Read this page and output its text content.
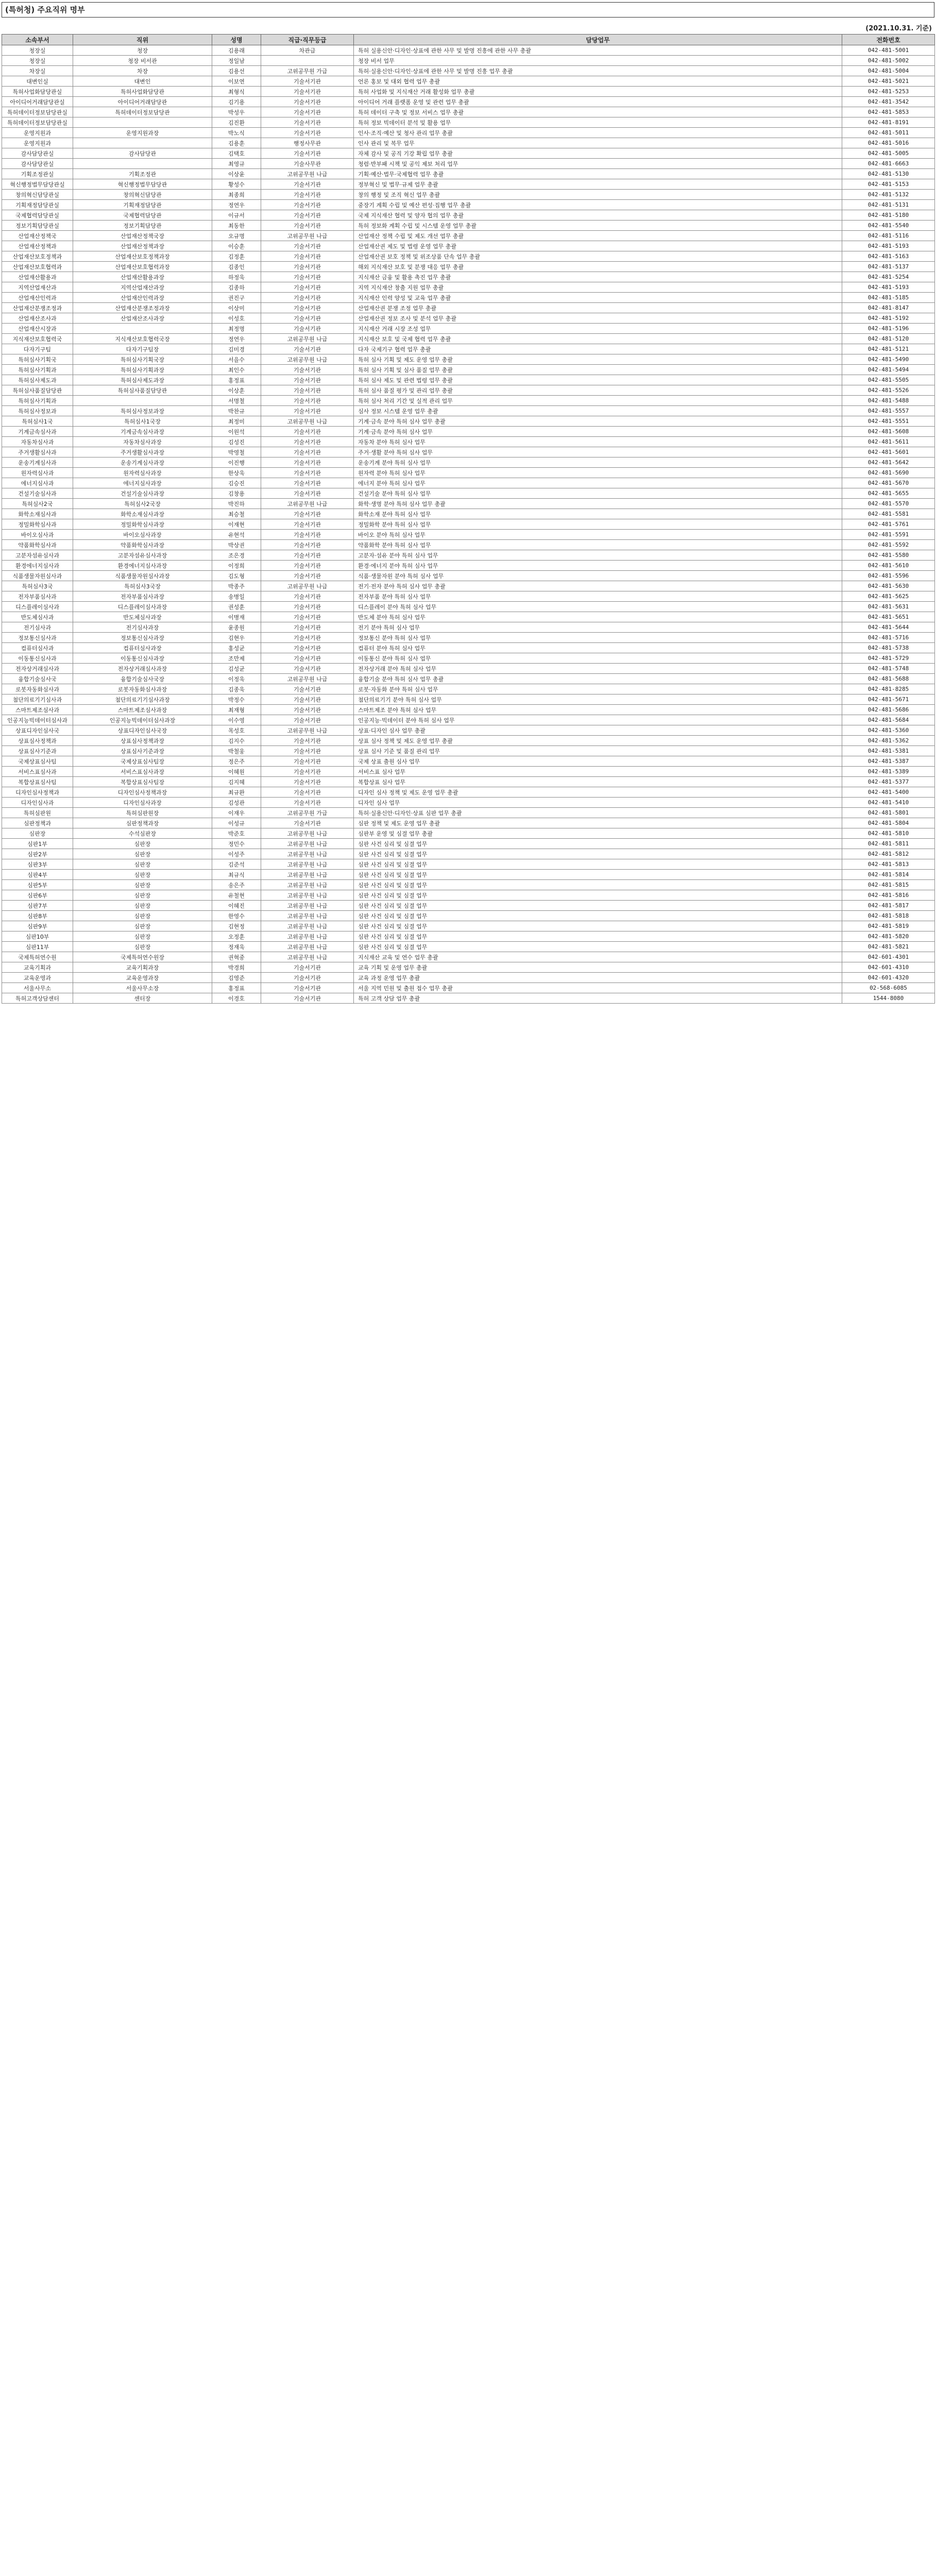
(특허청) 주요직위 명부
(2021.10.31. 기준)
소속부서	직위	성명	직급·직무등급	담당업무	전화번호
청장실	청장	김용래	차관급	특허 실용신안·디자인·상표에 관한 사무 및 발명 진흥에 관한 사무 총괄	042-481-5001
청장실	청장 비서관	정일남		청장 비서 업무	042-481-5002
차장실	차장	김용선	고위공무원 가급	특허·실용신안·디자인·상표에 관한 사무 및 발명 진흥 업무 총괄	042-481-5004
대변인실	대변인	이보연	기술서기관	언론 홍보 및 대외 협력 업무 총괄	042-481-5021
특허사업화담당관실	특허사업화담당관	최형식	기술서기관	특허 사업화 및 지식재산 거래 활성화 업무 총괄	042-481-5253
아이디어거래담당관실	아이디어거래담당관	김기용	기술서기관	아이디어 거래 플랫폼 운영 및 관련 업무 총괄	042-481-3542
특허데이터정보담당관실	특허데이터정보담당관	박성우	기술서기관	특허 데이터 구축 및 정보 서비스 업무 총괄	042-481-5853
특허데이터정보담당관실		김진환	기술서기관	특허 정보 빅데이터 분석 및 활용 업무	042-481-8191
운영지원과	운영지원과장	박노식	기술서기관	인사·조직·예산 및 청사 관리 업무 총괄	042-481-5011
운영지원과		김용훈	행정사무관	인사 관리 및 복무 업무	042-481-5016
감사담당관실	감사담당관	김택호	기술서기관	자체 감사 및 공직 기강 확립 업무 총괄	042-481-5005
감사담당관실		최영규	기술사무관	청렴·반부패 시책 및 공익 제보 처리 업무	042-481-6663
기획조정관실	기획조정관	이상윤	고위공무원 나급	기획·예산·법무·국제협력 업무 총괄	042-481-5130
혁신행정법무담당관실	혁신행정법무담당관	황성수	기술서기관	정부혁신 및 법무·규제 업무 총괄	042-481-5153
창의혁신담당관실	창의혁신담당관	최종희	기술서기관	창의 행정 및 조직 혁신 업무 총괄	042-481-5132
기획재정담당관실	기획재정담당관	정연우	기술서기관	중장기 계획 수립 및 예산 편성·집행 업무 총괄	042-481-5131
국제협력담당관실	국제협력담당관	이규서	기술서기관	국제 지식재산 협력 및 양자 협의 업무 총괄	042-481-5180
정보기획담당관실	정보기획담당관	최동한	기술서기관	특허 정보화 계획 수립 및 시스템 운영 업무 총괄	042-481-5540
산업재산정책국	산업재산정책국장	오규명	고위공무원 나급	산업재산 정책 수립 및 제도 개선 업무 총괄	042-481-5116
산업재산정책과	산업재산정책과장	이승훈	기술서기관	산업재산권 제도 및 법령 운영 업무 총괄	042-481-5193
산업재산보호정책과	산업재산보호정책과장	김정훈	기술서기관	산업재산권 보호 정책 및 위조상품 단속 업무 총괄	042-481-5163
산업재산보호협력과	산업재산보호협력과장	김종인	기술서기관	해외 지식재산 보호 및 분쟁 대응 업무 총괄	042-481-5137
산업재산활용과	산업재산활용과장	하정욱	기술서기관	지식재산 금융 및 활용 촉진 업무 총괄	042-481-5254
지역산업재산과	지역산업재산과장	김종하	기술서기관	지역 지식재산 창출 지원 업무 총괄	042-481-5193
산업재산인력과	산업재산인력과장	권진구	기술서기관	지식재산 인력 양성 및 교육 업무 총괄	042-481-5185
산업재산분쟁조정과	산업재산분쟁조정과장	이상미	기술서기관	산업재산권 분쟁 조정 업무 총괄	042-481-8147
산업재산조사과	산업재산조사과장	이성호	기술서기관	산업재산권 정보 조사 및 분석 업무 총괄	042-481-5192
산업재산시장과		최정명	기술서기관	지식재산 거래 시장 조성 업무	042-481-5196
지식재산보호협력국	지식재산보호협력국장	정연우	고위공무원 나급	지식재산 보호 및 국제 협력 업무 총괄	042-481-5120
다자기구팀	다자기구팀장	김미경	기술서기관	다자 국제기구 협력 업무 총괄	042-481-5121
특허심사기획국	특허심사기획국장	서을수	고위공무원 나급	특허 심사 기획 및 제도 운영 업무 총괄	042-481-5490
특허심사기획과	특허심사기획과장	최인수	기술서기관	특허 심사 기획 및 심사 품질 업무 총괄	042-481-5494
특허심사제도과	특허심사제도과장	홍정표	기술서기관	특허 심사 제도 및 관련 법령 업무 총괄	042-481-5505
특허심사품질담당관	특허심사품질담당관	이상훈	기술서기관	특허 심사 품질 평가 및 관리 업무 총괄	042-481-5526
특허심사기획과		서명철	기술서기관	특허 심사 처리 기간 및 실적 관리 업무	042-481-5488
특허심사정보과	특허심사정보과장	박찬규	기술서기관	심사 정보 시스템 운영 업무 총괄	042-481-5557
특허심사1국	특허심사1국장	최정미	고위공무원 나급	기계·금속 분야 특허 심사 업무 총괄	042-481-5551
기계금속심사과	기계금속심사과장	이원석	기술서기관	기계·금속 분야 특허 심사 업무	042-481-5608
자동차심사과	자동차심사과장	김성진	기술서기관	자동차 분야 특허 심사 업무	042-481-5611
주거생활심사과	주거생활심사과장	박영철	기술서기관	주거·생활 분야 특허 심사 업무	042-481-5601
운송기계심사과	운송기계심사과장	이진행	기술서기관	운송기계 분야 특허 심사 업무	042-481-5642
원자력심사과	원자력심사과장	한상욱	기술서기관	원자력 분야 특허 심사 업무	042-481-5690
에너지심사과	에너지심사과장	김승진	기술서기관	에너지 분야 특허 심사 업무	042-481-5670
건설기술심사과	건설기술심사과장	김창용	기술서기관	건설기술 분야 특허 심사 업무	042-481-5655
특허심사2국	특허심사2국장	박진하	고위공무원 나급	화학·생명 분야 특허 심사 업무 총괄	042-481-5570
화학소재심사과	화학소재심사과장	최승철	기술서기관	화학소재 분야 특허 심사 업무	042-481-5581
정밀화학심사과	정밀화학심사과장	이재현	기술서기관	정밀화학 분야 특허 심사 업무	042-481-5761
바이오심사과	바이오심사과장	유현석	기술서기관	바이오 분야 특허 심사 업무	042-481-5591
약품화학심사과	약품화학심사과장	박상권	기술서기관	약품화학 분야 특허 심사 업무	042-481-5592
고분자섬유심사과	고분자섬유심사과장	조은경	기술서기관	고분자·섬유 분야 특허 심사 업무	042-481-5580
환경에너지심사과	환경에너지심사과장	이정희	기술서기관	환경·에너지 분야 특허 심사 업무	042-481-5610
식품생물자원심사과	식품생물자원심사과장	김도형	기술서기관	식품·생물자원 분야 특허 심사 업무	042-481-5596
특허심사3국	특허심사3국장	박종주	고위공무원 나급	전기·전자 분야 특허 심사 업무 총괄	042-481-5630
전자부품심사과	전자부품심사과장	송병일	기술서기관	전자부품 분야 특허 심사 업무	042-481-5625
디스플레이심사과	디스플레이심사과장	권성훈	기술서기관	디스플레이 분야 특허 심사 업무	042-481-5631
반도체심사과	반도체심사과장	이병재	기술서기관	반도체 분야 특허 심사 업무	042-481-5651
전기심사과	전기심사과장	윤종원	기술서기관	전기 분야 특허 심사 업무	042-481-5644
정보통신심사과	정보통신심사과장	김현우	기술서기관	정보통신 분야 특허 심사 업무	042-481-5716
컴퓨터심사과	컴퓨터심사과장	홍성균	기술서기관	컴퓨터 분야 특허 심사 업무	042-481-5738
이동통신심사과	이동통신심사과장	조만제	기술서기관	이동통신 분야 특허 심사 업무	042-481-5729
전자상거래심사과	전자상거래심사과장	김성균	기술서기관	전자상거래 분야 특허 심사 업무	042-481-5748
융합기술심사국	융합기술심사국장	이정욱	고위공무원 나급	융합기술 분야 특허 심사 업무 총괄	042-481-5688
로봇자동화심사과	로봇자동화심사과장	김종욱	기술서기관	로봇·자동화 분야 특허 심사 업무	042-481-8285
첨단의료기기심사과	첨단의료기기심사과장	박정수	기술서기관	첨단의료기기 분야 특허 심사 업무	042-481-5671
스마트제조심사과	스마트제조심사과장	최재형	기술서기관	스마트제조 분야 특허 심사 업무	042-481-5686
인공지능빅데이터심사과	인공지능빅데이터심사과장	이수영	기술서기관	인공지능·빅데이터 분야 특허 심사 업무	042-481-5684
상표디자인심사국	상표디자인심사국장	목성호	고위공무원 나급	상표·디자인 심사 업무 총괄	042-481-5360
상표심사정책과	상표심사정책과장	김지수	기술서기관	상표 심사 정책 및 제도 운영 업무 총괄	042-481-5362
상표심사기준과	상표심사기준과장	박철웅	기술서기관	상표 심사 기준 및 품질 관리 업무	042-481-5381
국제상표심사팀	국제상표심사팀장	정은주	기술서기관	국제 상표 출원 심사 업무	042-481-5387
서비스표심사과	서비스표심사과장	이혜원	기술서기관	서비스표 심사 업무	042-481-5389
복합상표심사팀	복합상표심사팀장	김지혜	기술서기관	복합상표 심사 업무	042-481-5377
디자인심사정책과	디자인심사정책과장	최규완	기술서기관	디자인 심사 정책 및 제도 운영 업무 총괄	042-481-5400
디자인심사과	디자인심사과장	김성관	기술서기관	디자인 심사 업무	042-481-5410
특허심판원	특허심판원장	이재우	고위공무원 가급	특허·실용신안·디자인·상표 심판 업무 총괄	042-481-5801
심판정책과	심판정책과장	이성규	기술서기관	심판 정책 및 제도 운영 업무 총괄	042-481-5804
심판장	수석심판장	박준호	고위공무원 나급	심판부 운영 및 심결 업무 총괄	042-481-5810
심판1부	심판장	정민수	고위공무원 나급	심판 사건 심리 및 심결 업무	042-481-5811
심판2부	심판장	이성주	고위공무원 나급	심판 사건 심리 및 심결 업무	042-481-5812
심판3부	심판장	김준석	고위공무원 나급	심판 사건 심리 및 심결 업무	042-481-5813
심판4부	심판장	최규식	고위공무원 나급	심판 사건 심리 및 심결 업무	042-481-5814
심판5부	심판장	송은주	고위공무원 나급	심판 사건 심리 및 심결 업무	042-481-5815
심판6부	심판장	유철현	고위공무원 나급	심판 사건 심리 및 심결 업무	042-481-5816
심판7부	심판장	이혜진	고위공무원 나급	심판 사건 심리 및 심결 업무	042-481-5817
심판8부	심판장	한영수	고위공무원 나급	심판 사건 심리 및 심결 업무	042-481-5818
심판9부	심판장	김현정	고위공무원 나급	심판 사건 심리 및 심결 업무	042-481-5819
심판10부	심판장	오정훈	고위공무원 나급	심판 사건 심리 및 심결 업무	042-481-5820
심판11부	심판장	정재욱	고위공무원 나급	심판 사건 심리 및 심결 업무	042-481-5821
국제특허연수원	국제특허연수원장	권혁중	고위공무원 나급	지식재산 교육 및 연수 업무 총괄	042-601-4301
교육기획과	교육기획과장	박경희	기술서기관	교육 기획 및 운영 업무 총괄	042-601-4310
교육운영과	교육운영과장	김영준	기술서기관	교육 과정 운영 업무 총괄	042-601-4320
서울사무소	서울사무소장	홍정표	기술서기관	서울 지역 민원 및 출원 접수 업무 총괄	02-568-6085
특허고객상담센터	센터장	이경호	기술서기관	특허 고객 상담 업무 총괄	1544-8080
